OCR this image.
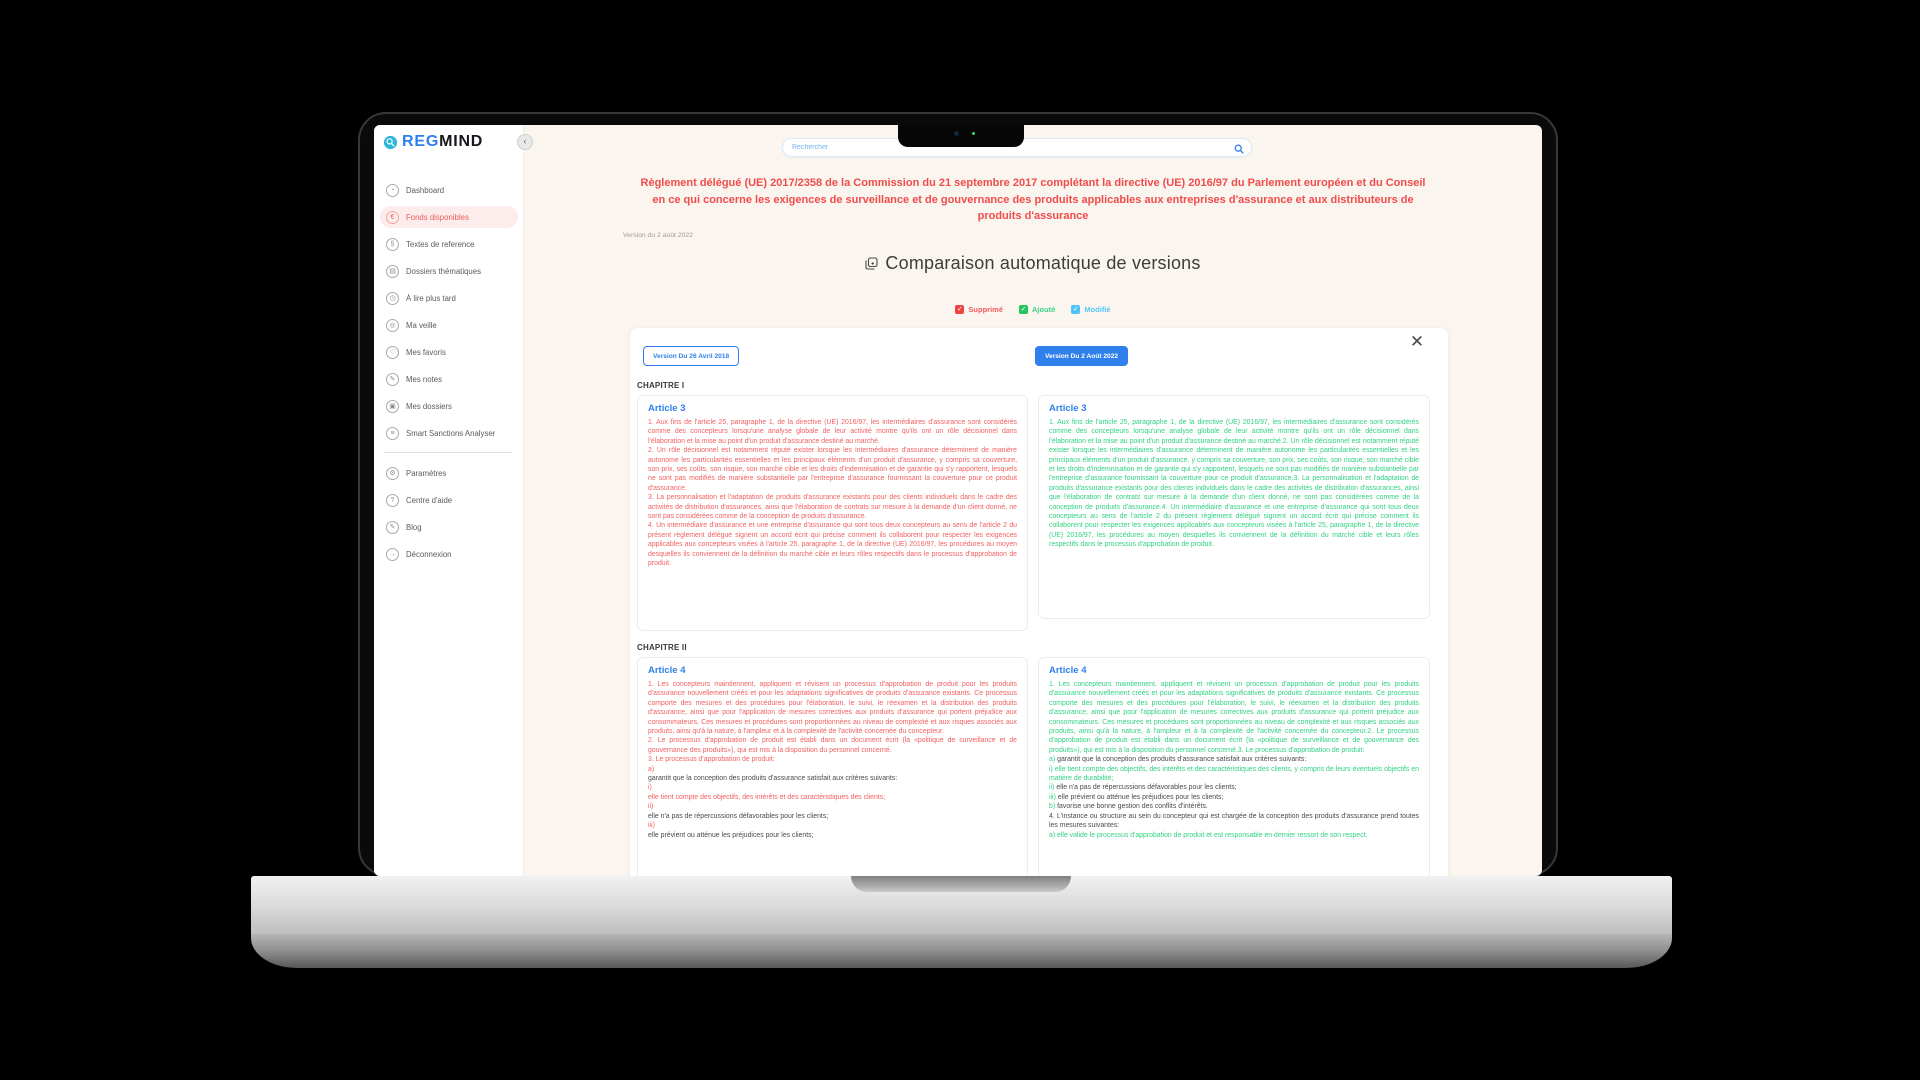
REGMIND
◔	Dashboard
€	Fonds disponibles
§	Textes de reference
▤	Dossiers thématiques
◷	À lire plus tard
◎	Ma veille
♡	Mes favoris
✎	Mes notes
▣	Mes dossiers
≡	Smart Sanctions Analyser
⚙	Paramètres
?	Centre d'aide
✎	Blog
→	Déconnexion
‹
Rechercher
Règlement délégué (UE) 2017/2358 de la Commission du 21 septembre 2017 complétant la directive (UE) 2016/97 du Parlement européen et du Conseil en ce qui concerne les exigences de surveillance et de gouvernance des produits applicables aux entreprises d'assurance et aux distributeurs de produits d'assurance
Version du 2 août 2022
Comparaison automatique de versions
✓ Supprimé	✓ Ajouté	✓ Modifié
✕
Version Du 26 Avril 2018	Version Du 2 Août 2022
CHAPITRE I
Article 3
1. Aux fins de l'article 25, paragraphe 1, de la directive (UE) 2016/97, les intermédiaires d'assurance sont considérés comme des concepteurs lorsqu'une analyse globale de leur activité montre qu'ils ont un rôle décisionnel dans l'élaboration et la mise au point d'un produit d'assurance destiné au marché.
2. Un rôle décisionnel est notamment réputé exister lorsque les intermédiaires d'assurance déterminent de manière autonome les particularités essentielles et les principaux éléments d'un produit d'assurance, y compris sa couverture, son prix, ses coûts, son risque, son marché cible et les droits d'indemnisation et de garantie qui s'y rapportent, lesquels ne sont pas modifiés de manière substantielle par l'entreprise d'assurance fournissant la couverture pour ce produit d'assurance.
3. La personnalisation et l'adaptation de produits d'assurance existants pour des clients individuels dans le cadre des activités de distribution d'assurances, ainsi que l'élaboration de contrats sur mesure à la demande d'un client donné, ne sont pas considérées comme de la conception de produits d'assurance.
4. Un intermédiaire d'assurance et une entreprise d'assurance qui sont tous deux concepteurs au sens de l'article 2 du présent règlement délégué signent un accord écrit qui précise comment ils collaborent pour respecter les exigences applicables aux concepteurs visées à l'article 25, paragraphe 1, de la directive (UE) 2016/97, les procédures au moyen desquelles ils conviennent de la définition du marché cible et leurs rôles respectifs dans le processus d'approbation de produit.
Article 3
1. Aux fins de l'article 25, paragraphe 1, de la directive (UE) 2016/97, les intermédiaires d'assurance sont considérés comme des concepteurs lorsqu'une analyse globale de leur activité montre qu'ils ont un rôle décisionnel dans l'élaboration et la mise au point d'un produit d'assurance destiné au marché.2. Un rôle décisionnel est notamment réputé exister lorsque les intermédiaires d'assurance déterminent de manière autonome les particularités essentielles et les principaux éléments d'un produit d'assurance, y compris sa couverture, son prix, ses coûts, son risque, son marché cible et les droits d'indemnisation et de garantie qui s'y rapportent, lesquels ne sont pas modifiés de manière substantielle par l'entreprise d'assurance fournissant la couverture pour ce produit d'assurance.3. La personnalisation et l'adaptation de produits d'assurance existants pour des clients individuels dans le cadre des activités de distribution d'assurances, ainsi que l'élaboration de contrats sur mesure à la demande d'un client donné, ne sont pas considérées comme de la conception de produits d'assurance.4. Un intermédiaire d'assurance et une entreprise d'assurance qui sont tous deux concepteurs au sens de l'article 2 du présent règlement délégué signent un accord écrit qui précise comment ils collaborent pour respecter les exigences applicables aux concepteurs visées à l'article 25, paragraphe 1, de la directive (UE) 2016/97, les procédures au moyen desquelles ils conviennent de la définition du marché cible et leurs rôles respectifs dans le processus d'approbation de produit.
CHAPITRE II
Article 4
1. Les concepteurs maintiennent, appliquent et révisent un processus d'approbation de produit pour les produits d'assurance nouvellement créés et pour les adaptations significatives de produits d'assurance existants. Ce processus comporte des mesures et des procédures pour l'élaboration, le suivi, le réexamen et la distribution des produits d'assurance, ainsi que pour l'application de mesures correctives aux produits d'assurance qui portent préjudice aux consommateurs. Ces mesures et procédures sont proportionnées au niveau de complexité et aux risques associés aux produits, ainsi qu'à la nature, à l'ampleur et à la complexité de l'activité concernée du concepteur.
2. Le processus d'approbation de produit est établi dans un document écrit (la «politique de surveillance et de gouvernance des produits»), qui est mis à la disposition du personnel concerné.
3. Le processus d'approbation de produit:
a)
garantit que la conception des produits d'assurance satisfait aux critères suivants:
i)
elle tient compte des objectifs, des intérêts et des caractéristiques des clients;
ii)
elle n'a pas de répercussions défavorables pour les clients;
iii)
elle prévient ou atténue les préjudices pour les clients;
Article 4
1. Les concepteurs maintiennent, appliquent et révisent un processus d'approbation de produit pour les produits d'assurance nouvellement créés et pour les adaptations significatives de produits d'assurance existants. Ce processus comporte des mesures et des procédures pour l'élaboration, le suivi, le réexamen et la distribution des produits d'assurance, ainsi que pour l'application de mesures correctives aux produits d'assurance qui portent préjudice aux consommateurs. Ces mesures et procédures sont proportionnées au niveau de complexité et aux risques associés aux produits, ainsi qu'à la nature, à l'ampleur et à la complexité de l'activité concernée du concepteur.2. Le processus d'approbation de produit est établi dans un document écrit (la «politique de surveillance et de gouvernance des produits»), qui est mis à la disposition du personnel concerné.3. Le processus d'approbation de produit:
a) garantit que la conception des produits d'assurance satisfait aux critères suivants:
i) elle tient compte des objectifs, des intérêts et des caractéristiques des clients, y compris de leurs éventuels objectifs en matière de durabilité;
ii) elle n'a pas de répercussions défavorables pour les clients;
iii) elle prévient ou atténue les préjudices pour les clients;
b) favorise une bonne gestion des conflits d'intérêts.
4. L'instance ou structure au sein du concepteur qui est chargée de la conception des produits d'assurance prend toutes les mesures suivantes:
a) elle valide le processus d'approbation de produit et est responsable en dernier ressort de son respect.
